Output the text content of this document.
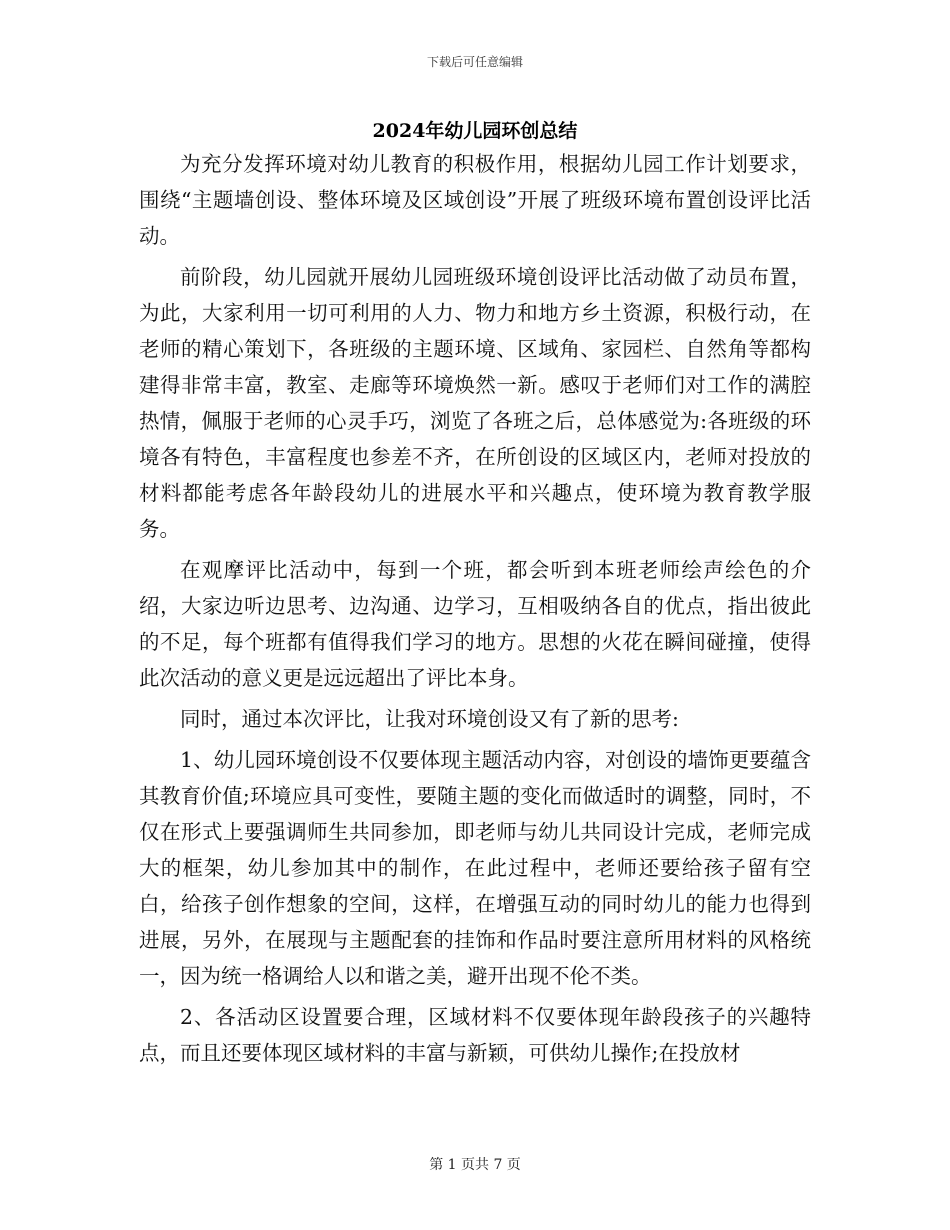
下载后可任意编辑
2024年幼儿园环创总结

为充分发挥环境对幼儿教育的积极作用，根据幼儿园工作计划要求，围绕“主题墙创设、整体环境及区域创设”开展了班级环境布置创设评比活动。

前阶段，幼儿园就开展幼儿园班级环境创设评比活动做了动员布置，为此，大家利用一切可利用的人力、物力和地方乡土资源，积极行动，在老师的精心策划下，各班级的主题环境、区域角、家园栏、自然角等都构建得非常丰富，教室、走廊等环境焕然一新。感叹于老师们对工作的满腔热情，佩服于老师的心灵手巧，浏览了各班之后，总体感觉为:各班级的环境各有特色，丰富程度也参差不齐，在所创设的区域区内，老师对投放的材料都能考虑各年龄段幼儿的进展水平和兴趣点，使环境为教育教学服务。

在观摩评比活动中，每到一个班，都会听到本班老师绘声绘色的介绍，大家边听边思考、边沟通、边学习，互相吸纳各自的优点，指出彼此的不足，每个班都有值得我们学习的地方。思想的火花在瞬间碰撞，使得此次活动的意义更是远远超出了评比本身。

同时，通过本次评比，让我对环境创设又有了新的思考:

1、幼儿园环境创设不仅要体现主题活动内容，对创设的墙饰更要蕴含其教育价值;环境应具可变性，要随主题的变化而做适时的调整，同时，不仅在形式上要强调师生共同参加，即老师与幼儿共同设计完成，老师完成大的框架，幼儿参加其中的制作，在此过程中，老师还要给孩子留有空白，给孩子创作想象的空间，这样，在增强互动的同时幼儿的能力也得到进展，另外，在展现与主题配套的挂饰和作品时要注意所用材料的风格统一，因为统一格调给人以和谐之美，避开出现不伦不类。

2、各活动区设置要合理，区域材料不仅要体现年龄段孩子的兴趣特点，而且还要体现区域材料的丰富与新颖，可供幼儿操作;在投放材

第 1 页共 7 页
